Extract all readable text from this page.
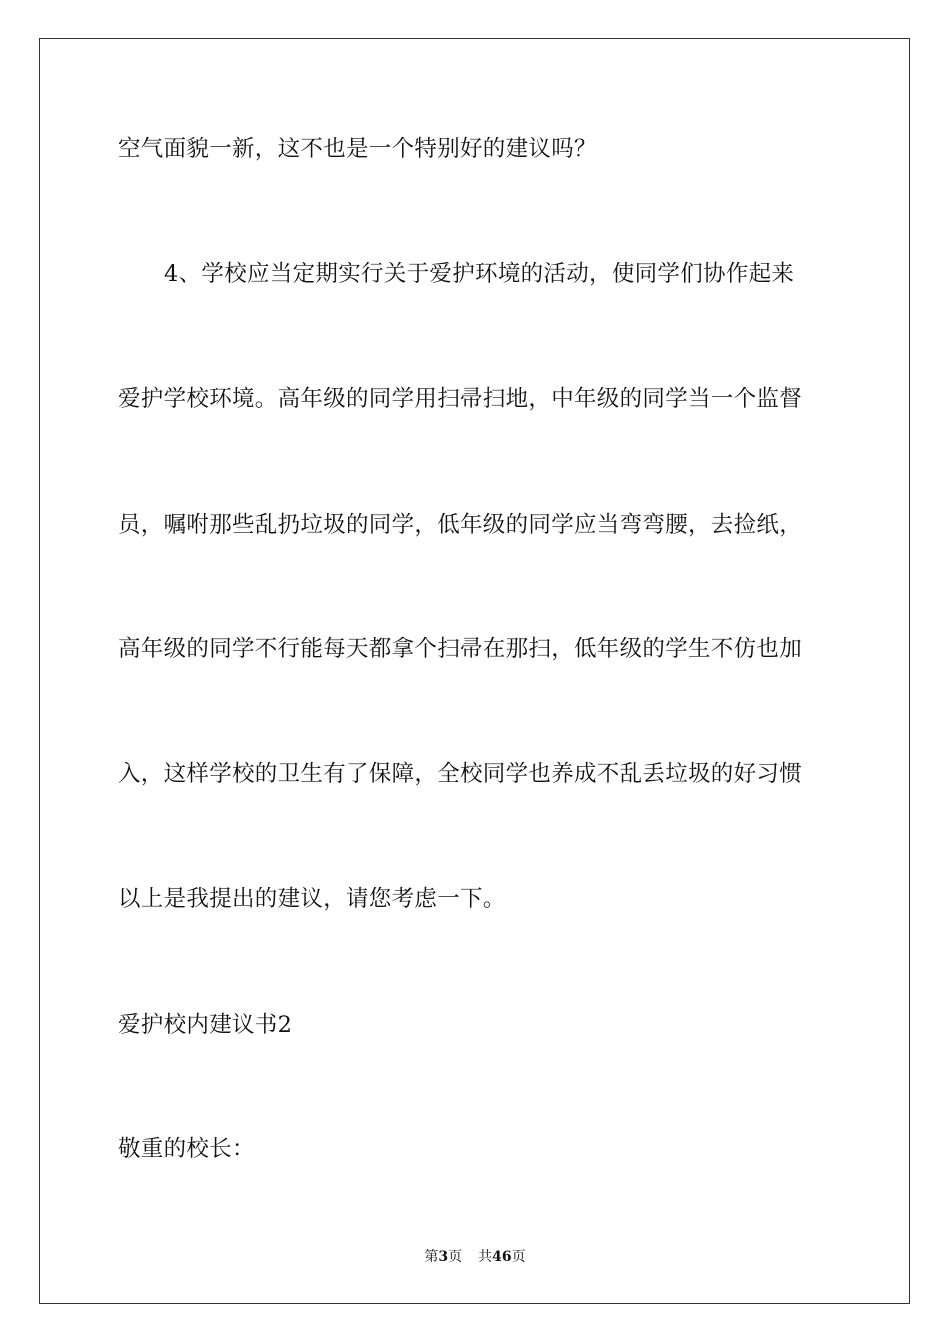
空气面貌一新，这不也是一个特别好的建议吗？
4、学校应当定期实行关于爱护环境的活动，使同学们协作起来
爱护学校环境。高年级的同学用扫帚扫地，中年级的同学当一个监督
员，嘱咐那些乱扔垃圾的同学，低年级的同学应当弯弯腰，去捡纸，
高年级的同学不行能每天都拿个扫帚在那扫，低年级的学生不仿也加
入，这样学校的卫生有了保障，全校同学也养成不乱丢垃圾的好习惯
以上是我提出的建议，请您考虑一下。
爱护校内建议书2
敬重的校长：
第3页 共46页
